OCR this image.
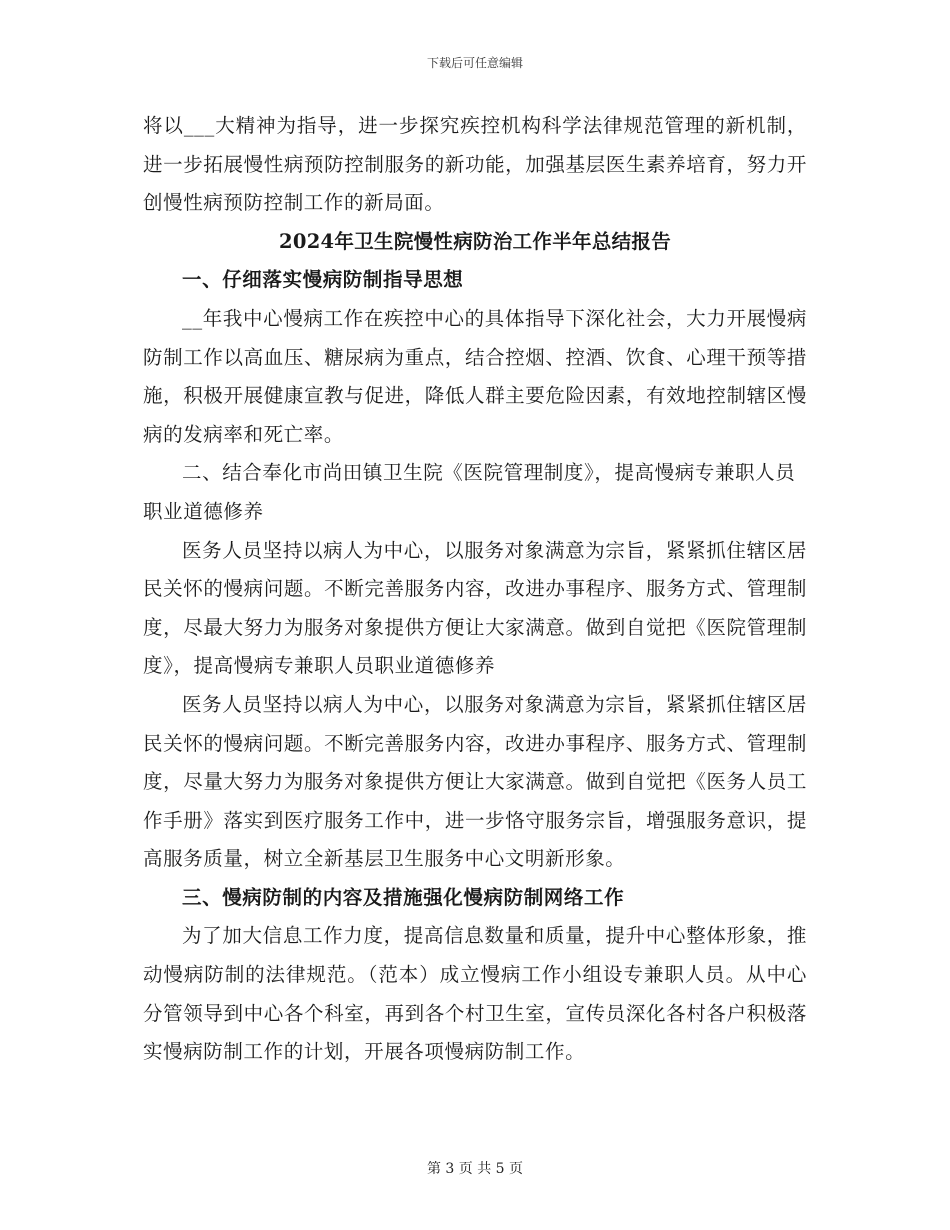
下载后可任意编辑

将以___大精神为指导，进一步探究疾控机构科学法律规范管理的新机制，进一步拓展慢性病预防控制服务的新功能，加强基层医生素养培育，努力开创慢性病预防控制工作的新局面。

2024年卫生院慢性病防治工作半年总结报告

一、仔细落实慢病防制指导思想

__年我中心慢病工作在疾控中心的具体指导下深化社会，大力开展慢病防制工作以高血压、糖尿病为重点，结合控烟、控酒、饮食、心理干预等措施，积极开展健康宣教与促进，降低人群主要危险因素，有效地控制辖区慢病的发病率和死亡率。

二、结合奉化市尚田镇卫生院《医院管理制度》，提高慢病专兼职人员职业道德修养

医务人员坚持以病人为中心，以服务对象满意为宗旨，紧紧抓住辖区居民关怀的慢病问题。不断完善服务内容，改进办事程序、服务方式、管理制度，尽最大努力为服务对象提供方便让大家满意。做到自觉把《医院管理制度》，提高慢病专兼职人员职业道德修养

医务人员坚持以病人为中心，以服务对象满意为宗旨，紧紧抓住辖区居民关怀的慢病问题。不断完善服务内容，改进办事程序、服务方式、管理制度，尽量大努力为服务对象提供方便让大家满意。做到自觉把《医务人员工作手册》落实到医疗服务工作中，进一步恪守服务宗旨，增强服务意识，提高服务质量，树立全新基层卫生服务中心文明新形象。

三、慢病防制的内容及措施强化慢病防制网络工作

为了加大信息工作力度，提高信息数量和质量，提升中心整体形象，推动慢病防制的法律规范。（范本）成立慢病工作小组设专兼职人员。从中心分管领导到中心各个科室，再到各个村卫生室，宣传员深化各村各户积极落实慢病防制工作的计划，开展各项慢病防制工作。

第 3 页 共 5 页
